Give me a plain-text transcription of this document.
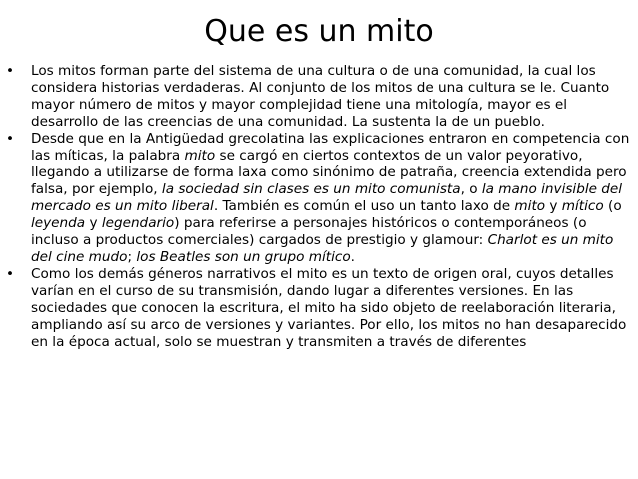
Que es un mito
• Los mitos forman parte del sistema de una cultura o de una comunidad, la cual los considera historias verdaderas. Al conjunto de los mitos de una cultura se le. Cuanto mayor número de mitos y mayor complejidad tiene una mitología, mayor es el desarrollo de las creencias de una comunidad. La sustenta la de un pueblo.
• Desde que en la Antigüedad grecolatina las explicaciones entraron en competencia con las míticas, la palabra mito se cargó en ciertos contextos de un valor peyorativo, llegando a utilizarse de forma laxa como sinónimo de patraña, creencia extendida pero falsa, por ejemplo, la sociedad sin clases es un mito comunista, o la mano invisible del mercado es un mito liberal. También es común el uso un tanto laxo de mito y mítico (o leyenda y legendario) para referirse a personajes históricos o contemporáneos (o incluso a productos comerciales) cargados de prestigio y glamour: Charlot es un mito del cine mudo; los Beatles son un grupo mítico.
• Como los demás géneros narrativos el mito es un texto de origen oral, cuyos detalles varían en el curso de su transmisión, dando lugar a diferentes versiones. En las sociedades que conocen la escritura, el mito ha sido objeto de reelaboración literaria, ampliando así su arco de versiones y variantes. Por ello, los mitos no han desaparecido en la época actual, solo se muestran y transmiten a través de diferentes
